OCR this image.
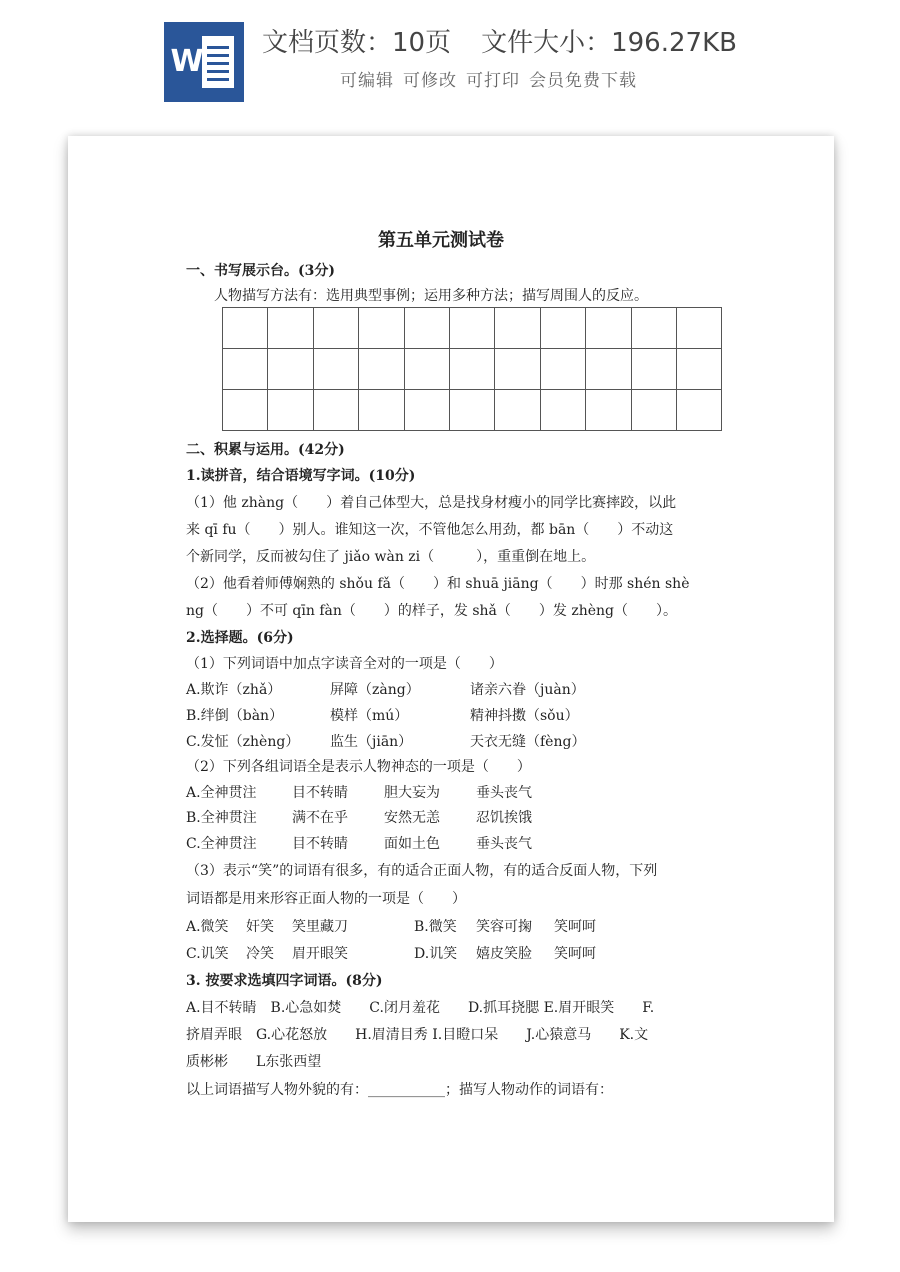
W
文档页数：10页 文件大小：196.27KB
可编辑 可修改 可打印 会员免费下载
第五单元测试卷
一、书写展示台。(3分)
人物描写方法有：选用典型事例；运用多种方法；描写周围人的反应。

二、积累与运用。(42分)
1.读拼音，结合语境写字词。(10分)
（1）他 zhàng（　　）着自己体型大，总是找身材瘦小的同学比赛摔跤，以此
来 qī fu（　　）别人。谁知这一次，不管他怎么用劲，都 bān（　　）不动这
个新同学，反而被勾住了 jiǎo wàn zi（　　　），重重倒在地上。
（2）他看着师傅娴熟的 shǒu fǎ（　　）和 shuā jiāng（　　）时那 shén shè
ng（　　）不可 qīn fàn（　　）的样子，发 shǎ（　　）发 zhèng（　　）。
2.选择题。(6分)
（1）下列词语中加点字读音全对的一项是（　　）
A.欺诈（zhǎ）	屏障（zàng）	诸亲六眷（juàn）
B.绊倒（bàn）	模样（mú）	精神抖擞（sǒu）
C.发怔（zhèng） 监生（jiān）	天衣无缝（fèng）
（2）下列各组词语全是表示人物神态的一项是（　　）
A.全神贯注	目不转睛	胆大妄为	垂头丧气
B.全神贯注	满不在乎	安然无恙	忍饥挨饿
C.全神贯注	目不转睛	面如土色	垂头丧气
（3）表示“笑”的词语有很多，有的适合正面人物，有的适合反面人物，下列
词语都是用来形容正面人物的一项是（　　）
A.微笑 奸笑 笑里藏刀	B.微笑 笑容可掬 笑呵呵
C.讥笑 冷笑 眉开眼笑	D.讥笑 嬉皮笑脸 笑呵呵
3. 按要求选填四字词语。(8分)
A.目不转睛　B.心急如焚　　C.闭月羞花　　D.抓耳挠腮 E.眉开眼笑　　F.
挤眉弄眼　G.心花怒放　　H.眉清目秀 I.目瞪口呆　　J.心猿意马　　K.文
质彬彬　　L东张西望
以上词语描写人物外貌的有：___________；描写人物动作的词语有：
